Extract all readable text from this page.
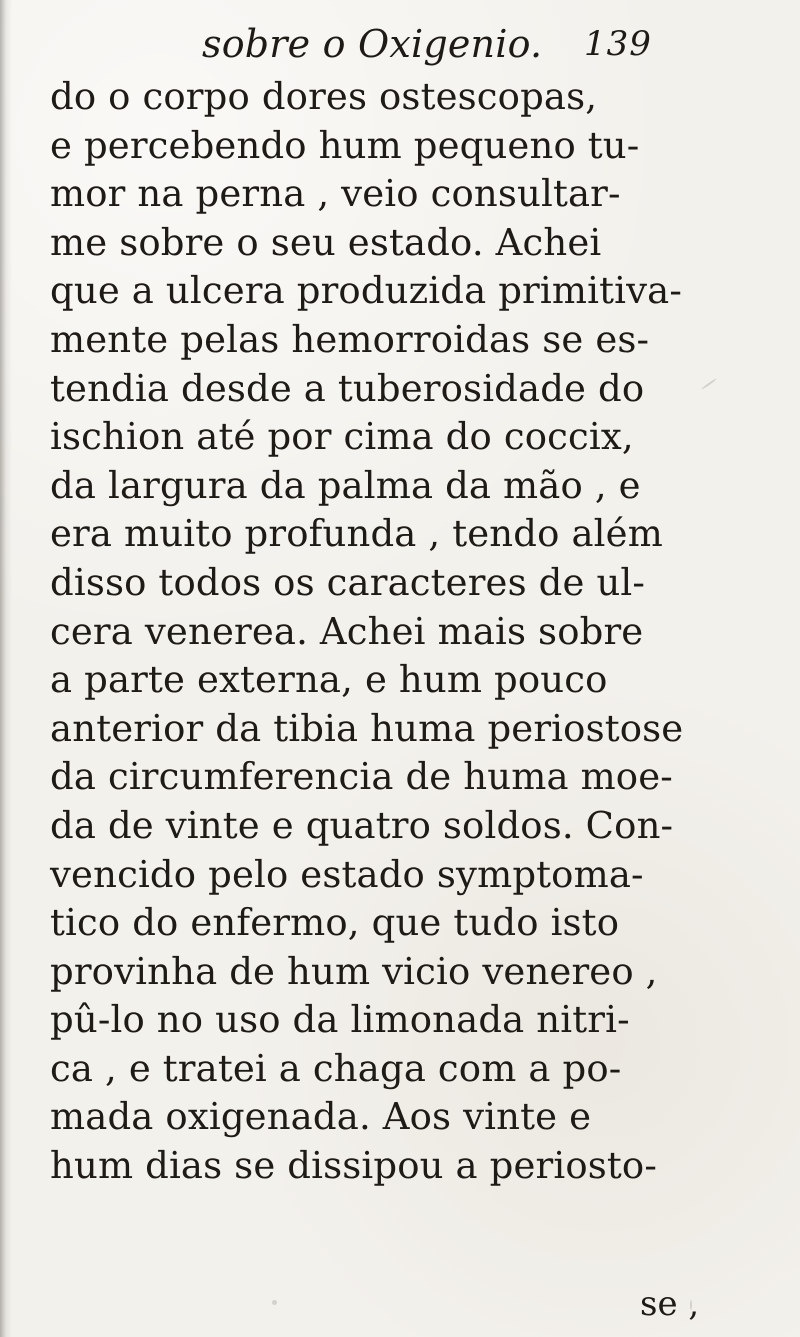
sobre o Oxigenio. 139
do o corpo dores ostescopas,
e percebendo hum pequeno tu-
mor na perna , veio consultar-
me sobre o seu estado. Achei
que a ulcera produzida primitiva-
mente pelas hemorroidas se es-
tendia desde a tuberosidade do
ischion até por cima do coccix,
da largura da palma da mão , e
era muito profunda , tendo além
disso todos os caracteres de ul-
cera venerea. Achei mais sobre
a parte externa, e hum pouco
anterior da tibia huma periostose
da circumferencia de huma moe-
da de vinte e quatro soldos. Con-
vencido pelo estado symptoma-
tico do enfermo, que tudo isto
provinha de hum vicio venereo ,
pû-lo no uso da limonada nitri-
ca , e tratei a chaga com a po-
mada oxigenada. Aos vinte e
hum dias se dissipou a periosto-
se ,
